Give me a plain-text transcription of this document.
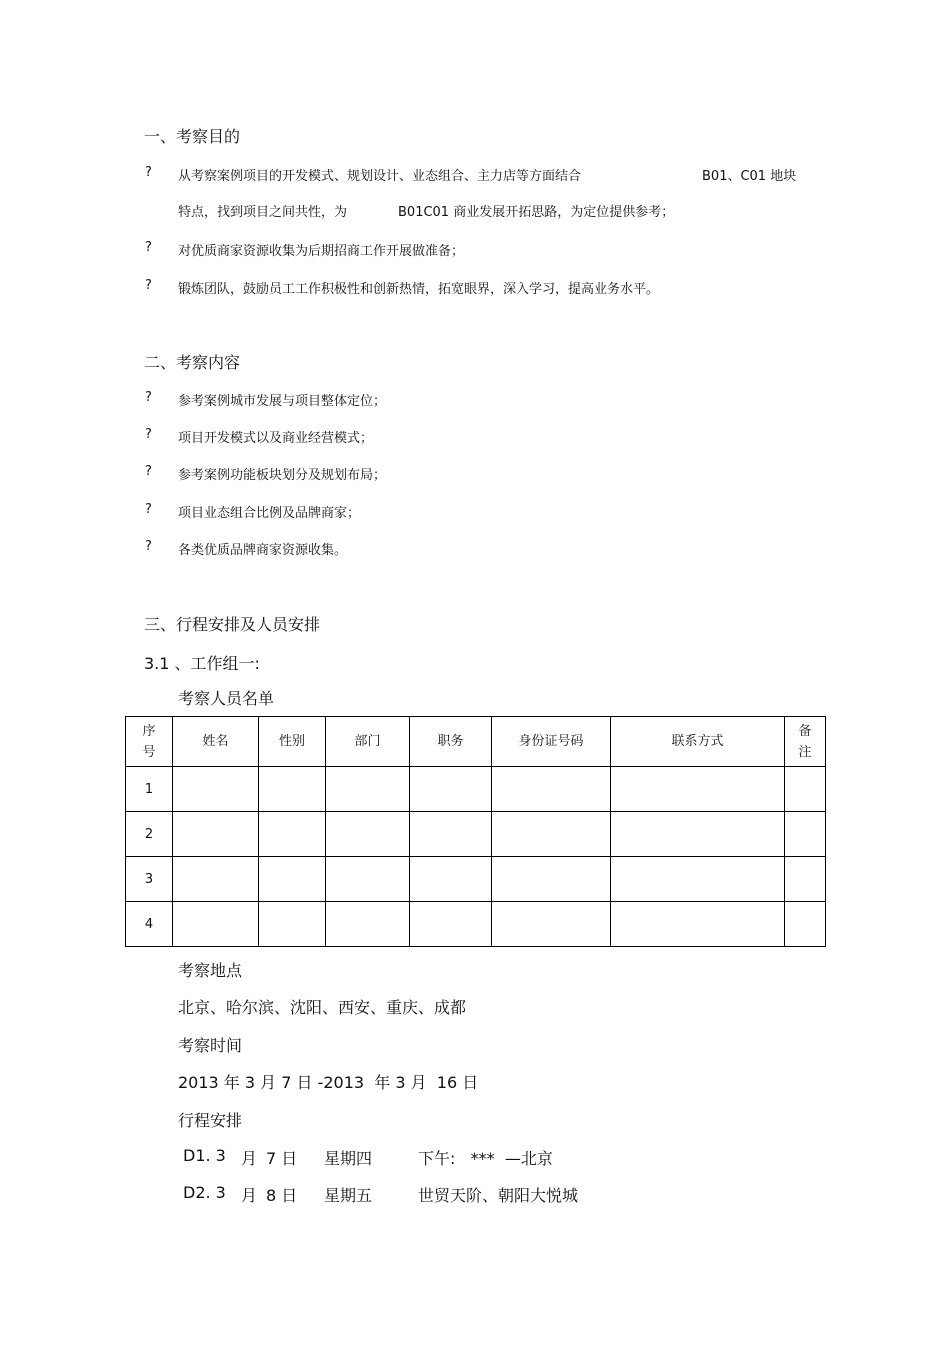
一、考察目的
? 从考察案例项目的开发模式、规划设计、业态组合、主力店等方面结合	B01、C01 地块
特点，找到项目之间共性，为	B01C01 商业发展开拓思路，为定位提供参考；
? 对优质商家资源收集为后期招商工作开展做准备；
? 锻炼团队，鼓励员工工作积极性和创新热情，拓宽眼界，深入学习，提高业务水平。
二、考察内容
? 参考案例城市发展与项目整体定位；
? 项目开发模式以及商业经营模式；
? 参考案例功能板块划分及规划布局；
? 项目业态组合比例及品牌商家；
? 各类优质品牌商家资源收集。
三、行程安排及人员安排
3.1 、工作组一:
考察人员名单
序
号	姓名	性别	部门	职务	身份证号码	联系方式	备
注
1							
2							
3							
4							
考察地点
北京、哈尔滨、沈阳、西安、重庆、成都
考察时间
2013 年 3 月 7 日 -2013  年 3 月  16 日
行程安排
D1. 3 月 7 日 星期四	下午:   ***  —北京
D2. 3 月 8 日 星期五	世贸天阶、朝阳大悦城
